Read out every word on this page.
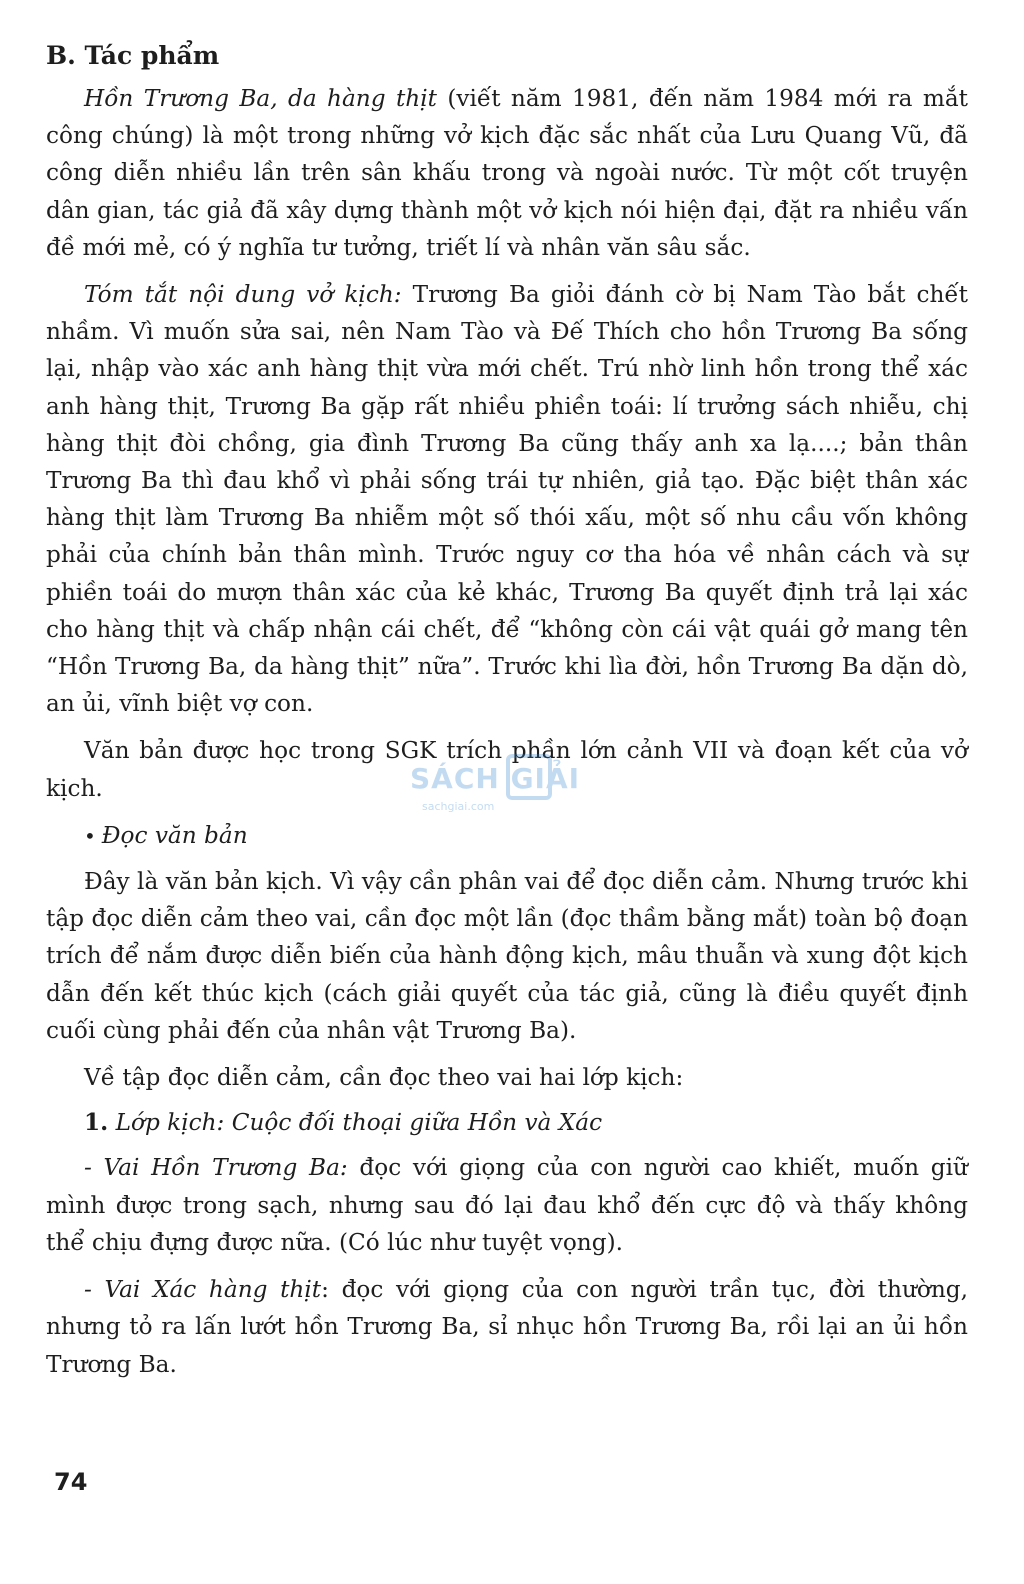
B. Tác phẩm

Hồn Trương Ba, da hàng thịt (viết năm 1981, đến năm 1984 mới ra mắt công chúng) là một trong những vở kịch đặc sắc nhất của Lưu Quang Vũ, đã công diễn nhiều lần trên sân khấu trong và ngoài nước. Từ một cốt truyện dân gian, tác giả đã xây dựng thành một vở kịch nói hiện đại, đặt ra nhiều vấn đề mới mẻ, có ý nghĩa tư tưởng, triết lí và nhân văn sâu sắc.

Tóm tắt nội dung vở kịch: Trương Ba giỏi đánh cờ bị Nam Tào bắt chết nhầm. Vì muốn sửa sai, nên Nam Tào và Đế Thích cho hồn Trương Ba sống lại, nhập vào xác anh hàng thịt vừa mới chết. Trú nhờ linh hồn trong thể xác anh hàng thịt, Trương Ba gặp rất nhiều phiền toái: lí trưởng sách nhiễu, chị hàng thịt đòi chồng, gia đình Trương Ba cũng thấy anh xa lạ....; bản thân Trương Ba thì đau khổ vì phải sống trái tự nhiên, giả tạo. Đặc biệt thân xác hàng thịt làm Trương Ba nhiễm một số thói xấu, một số nhu cầu vốn không phải của chính bản thân mình. Trước nguy cơ tha hóa về nhân cách và sự phiền toái do mượn thân xác của kẻ khác, Trương Ba quyết định trả lại xác cho hàng thịt và chấp nhận cái chết, để “không còn cái vật quái gở mang tên “Hồn Trương Ba, da hàng thịt” nữa”. Trước khi lìa đời, hồn Trương Ba dặn dò, an ủi, vĩnh biệt vợ con.

Văn bản được học trong SGK trích phần lớn cảnh VII và đoạn kết của vở kịch.

• Đọc văn bản

Đây là văn bản kịch. Vì vậy cần phân vai để đọc diễn cảm. Nhưng trước khi tập đọc diễn cảm theo vai, cần đọc một lần (đọc thầm bằng mắt) toàn bộ đoạn trích để nắm được diễn biến của hành động kịch, mâu thuẫn và xung đột kịch dẫn đến kết thúc kịch (cách giải quyết của tác giả, cũng là điều quyết định cuối cùng phải đến của nhân vật Trương Ba).

Về tập đọc diễn cảm, cần đọc theo vai hai lớp kịch:

1. Lớp kịch: Cuộc đối thoại giữa Hồn và Xác

- Vai Hồn Trương Ba: đọc với giọng của con người cao khiết, muốn giữ mình được trong sạch, nhưng sau đó lại đau khổ đến cực độ và thấy không thể chịu đựng được nữa. (Có lúc như tuyệt vọng).

- Vai Xác hàng thịt: đọc với giọng của con người trần tục, đời thường, nhưng tỏ ra lấn lướt hồn Trương Ba, sỉ nhục hồn Trương Ba, rồi lại an ủi hồn Trương Ba.

SÁCH GIẢI
sachgiai.com
74
